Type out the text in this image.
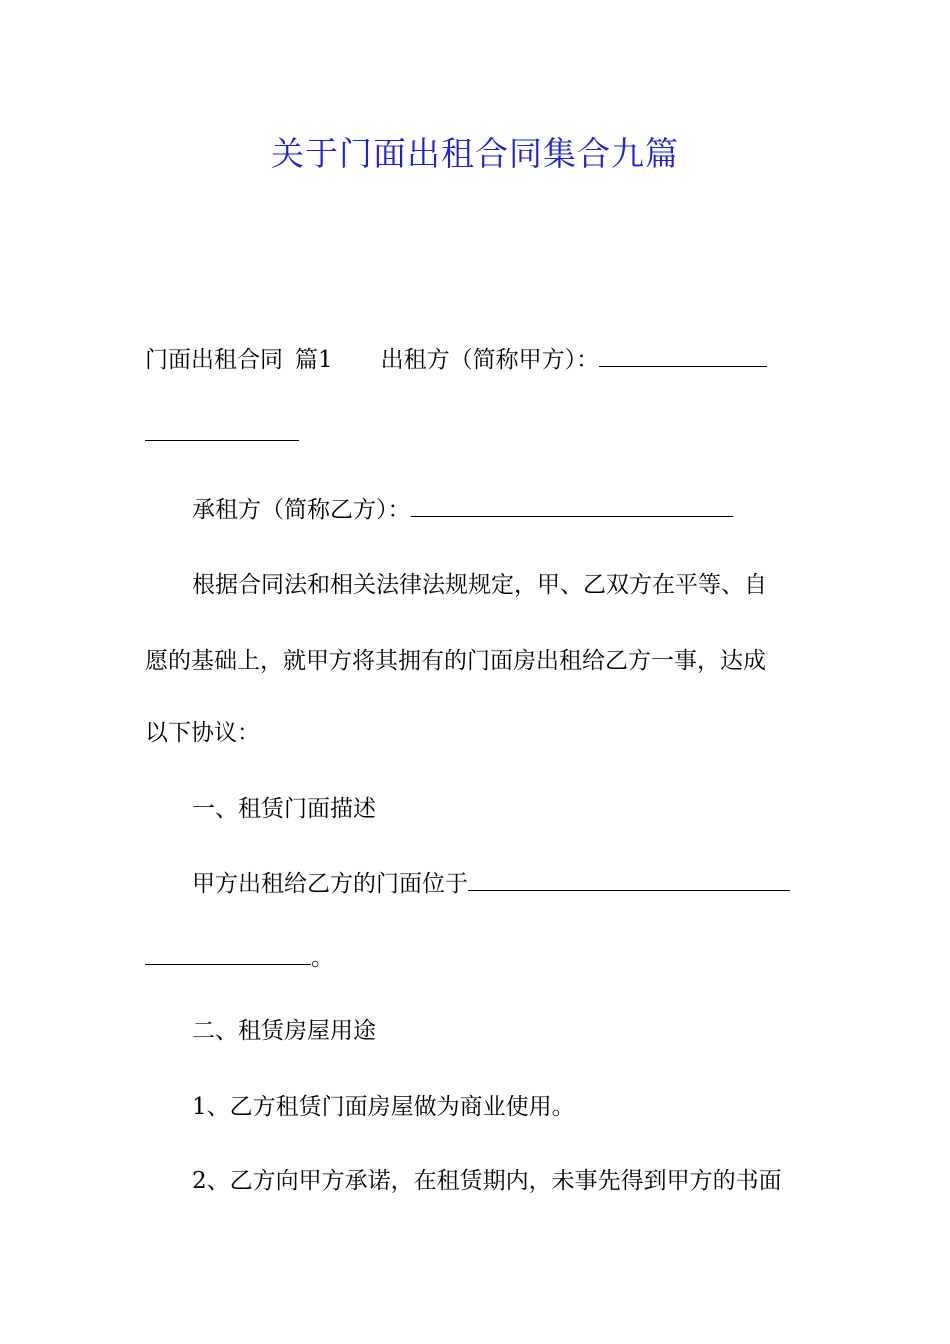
关于门面出租合同集合九篇
门面出租合同 篇1 出租方（简称甲方）：
承租方（简称乙方）：
根据合同法和相关法律法规规定，甲、乙双方在平等、自
愿的基础上，就甲方将其拥有的门面房出租给乙方一事，达成
以下协议：
一、租赁门面描述
甲方出租给乙方的门面位于
。
二、租赁房屋用途
1、乙方租赁门面房屋做为商业使用。
2、乙方向甲方承诺，在租赁期内，未事先得到甲方的书面
